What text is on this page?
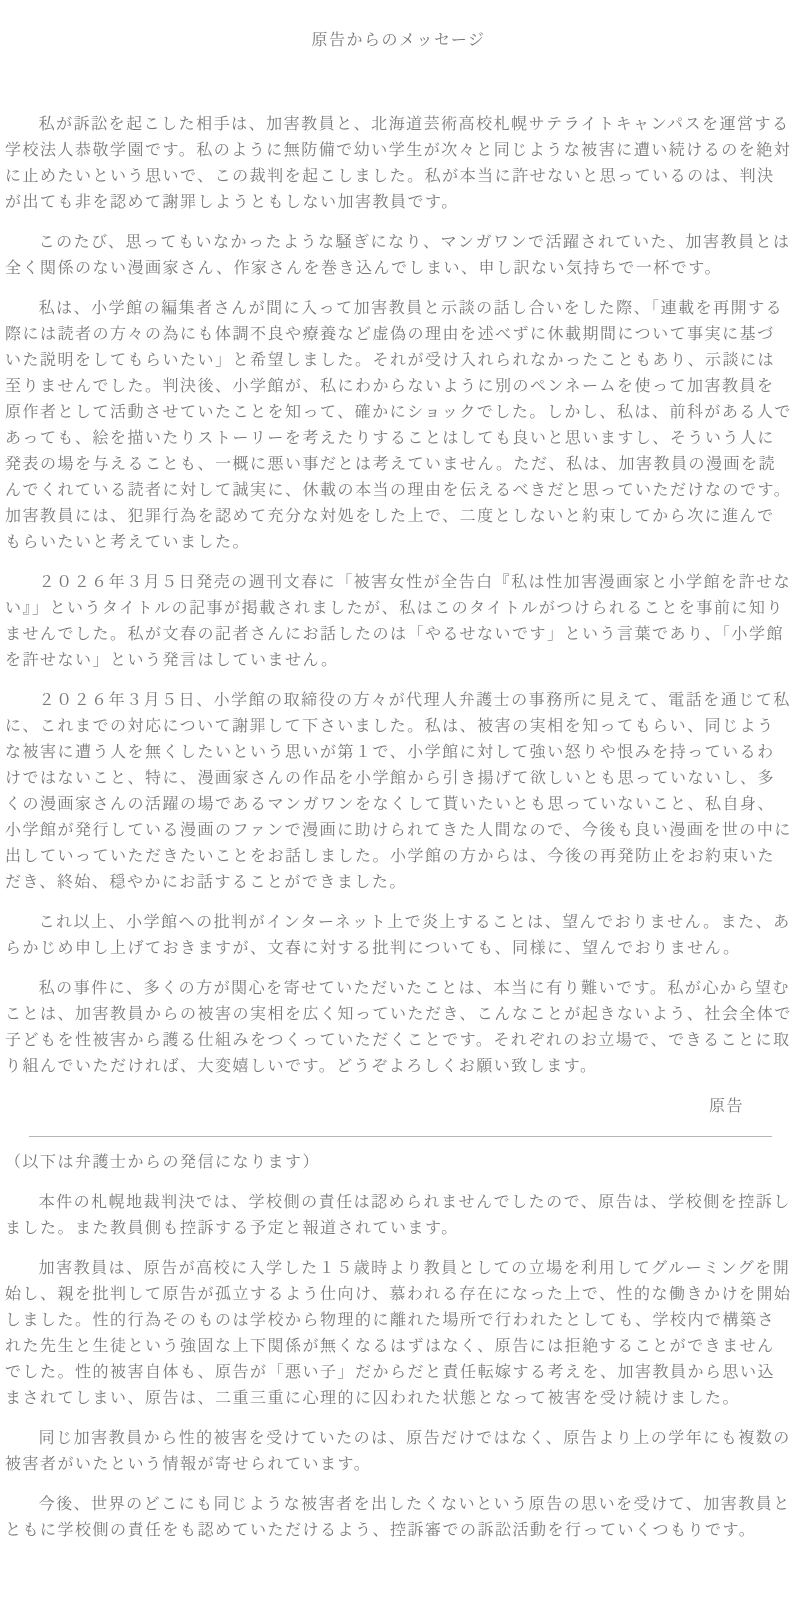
原告からのメッセージ

私が訴訟を起こした相手は、加害教員と、北海道芸術高校札幌サテライトキャンパスを運営する学校法人恭敬学園です。私のように無防備で幼い学生が次々と同じような被害に遭い続けるのを絶対に止めたいという思いで、この裁判を起こしました。私が本当に許せないと思っているのは、判決が出ても非を認めて謝罪しようともしない加害教員です。

このたび、思ってもいなかったような騒ぎになり、マンガワンで活躍されていた、加害教員とは全く関係のない漫画家さん、作家さんを巻き込んでしまい、申し訳ない気持ちで一杯です。

私は、小学館の編集者さんが間に入って加害教員と示談の話し合いをした際、「連載を再開する際には読者の方々の為にも体調不良や療養など虚偽の理由を述べずに休載期間について事実に基づいた説明をしてもらいたい」と希望しました。それが受け入れられなかったこともあり、示談には至りませんでした。判決後、小学館が、私にわからないように別のペンネームを使って加害教員を原作者として活動させていたことを知って、確かにショックでした。しかし、私は、前科がある人であっても、絵を描いたりストーリーを考えたりすることはしても良いと思いますし、そういう人に発表の場を与えることも、一概に悪い事だとは考えていません。ただ、私は、加害教員の漫画を読んでくれている読者に対して誠実に、休載の本当の理由を伝えるべきだと思っていただけなのです。加害教員には、犯罪行為を認めて充分な対処をした上で、二度としないと約束してから次に進んでもらいたいと考えていました。

２０２６年３月５日発売の週刊文春に「被害女性が全告白『私は性加害漫画家と小学館を許せない』」というタイトルの記事が掲載されましたが、私はこのタイトルがつけられることを事前に知りませんでした。私が文春の記者さんにお話したのは「やるせないです」という言葉であり、「小学館を許せない」という発言はしていません。

２０２６年３月５日、小学館の取締役の方々が代理人弁護士の事務所に見えて、電話を通じて私に、これまでの対応について謝罪して下さいました。私は、被害の実相を知ってもらい、同じような被害に遭う人を無くしたいという思いが第１で、小学館に対して強い怒りや恨みを持っているわけではないこと、特に、漫画家さんの作品を小学館から引き揚げて欲しいとも思っていないし、多くの漫画家さんの活躍の場であるマンガワンをなくして貰いたいとも思っていないこと、私自身、小学館が発行している漫画のファンで漫画に助けられてきた人間なので、今後も良い漫画を世の中に出していっていただきたいことをお話しました。小学館の方からは、今後の再発防止をお約束いただき、終始、穏やかにお話することができました。

これ以上、小学館への批判がインターネット上で炎上することは、望んでおりません。また、あらかじめ申し上げておきますが、文春に対する批判についても、同様に、望んでおりません。

私の事件に、多くの方が関心を寄せていただいたことは、本当に有り難いです。私が心から望むことは、加害教員からの被害の実相を広く知っていただき、こんなことが起きないよう、社会全体で子どもを性被害から護る仕組みをつくっていただくことです。それぞれのお立場で、できることに取り組んでいただければ、大変嬉しいです。どうぞよろしくお願い致します。

原告

（以下は弁護士からの発信になります）

本件の札幌地裁判決では、学校側の責任は認められませんでしたので、原告は、学校側を控訴しました。また教員側も控訴する予定と報道されています。

加害教員は、原告が高校に入学した１５歳時より教員としての立場を利用してグルーミングを開始し、親を批判して原告が孤立するよう仕向け、慕われる存在になった上で、性的な働きかけを開始しました。性的行為そのものは学校から物理的に離れた場所で行われたとしても、学校内で構築された先生と生徒という強固な上下関係が無くなるはずはなく、原告には拒絶することができませんでした。性的被害自体も、原告が「悪い子」だからだと責任転嫁する考えを、加害教員から思い込まされてしまい、原告は、二重三重に心理的に囚われた状態となって被害を受け続けました。

同じ加害教員から性的被害を受けていたのは、原告だけではなく、原告より上の学年にも複数の被害者がいたという情報が寄せられています。

今後、世界のどこにも同じような被害者を出したくないという原告の思いを受けて、加害教員とともに学校側の責任をも認めていただけるよう、控訴審での訴訟活動を行っていくつもりです。
